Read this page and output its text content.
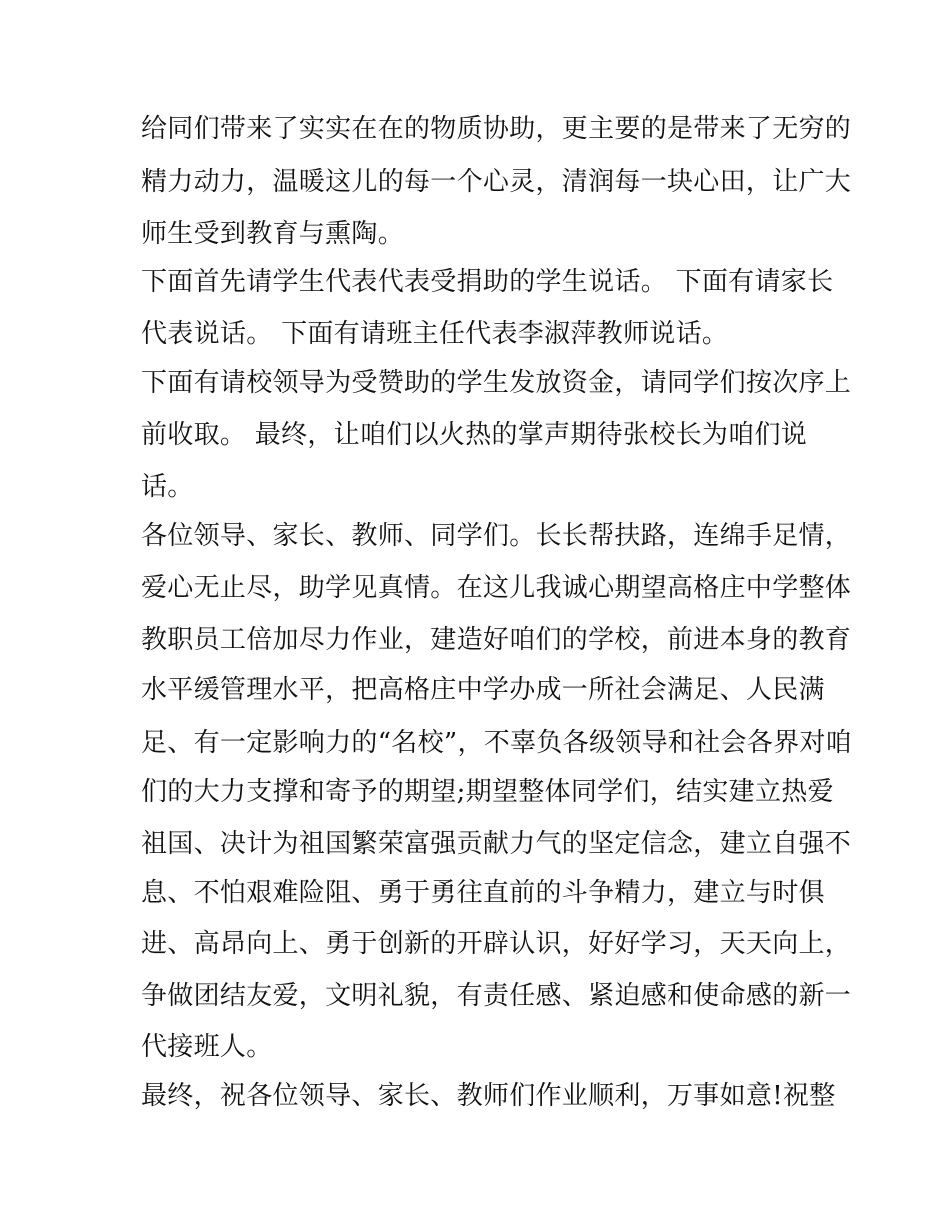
给同们带来了实实在在的物质协助，更主要的是带来了无穷的
精力动力，温暖这儿的每一个心灵，清润每一块心田，让广大
师生受到教育与熏陶。
下面首先请学生代表代表受捐助的学生说话。 下面有请家长
代表说话。 下面有请班主任代表李淑萍教师说话。
下面有请校领导为受赞助的学生发放资金，请同学们按次序上
前收取。 最终，让咱们以火热的掌声期待张校长为咱们说
话。
各位领导、家长、教师、同学们。长长帮扶路，连绵手足情，
爱心无止尽，助学见真情。在这儿我诚心期望高格庄中学整体
教职员工倍加尽力作业，建造好咱们的学校，前进本身的教育
水平缓管理水平，把高格庄中学办成一所社会满足、人民满
足、有一定影响力的“名校”，不辜负各级领导和社会各界对咱
们的大力支撑和寄予的期望;期望整体同学们，结实建立热爱
祖国、决计为祖国繁荣富强贡献力气的坚定信念，建立自强不
息、不怕艰难险阻、勇于勇往直前的斗争精力，建立与时俱
进、高昂向上、勇于创新的开辟认识，好好学习，天天向上，
争做团结友爱，文明礼貌，有责任感、紧迫感和使命感的新一
代接班人。
最终，祝各位领导、家长、教师们作业顺利，万事如意!祝整
